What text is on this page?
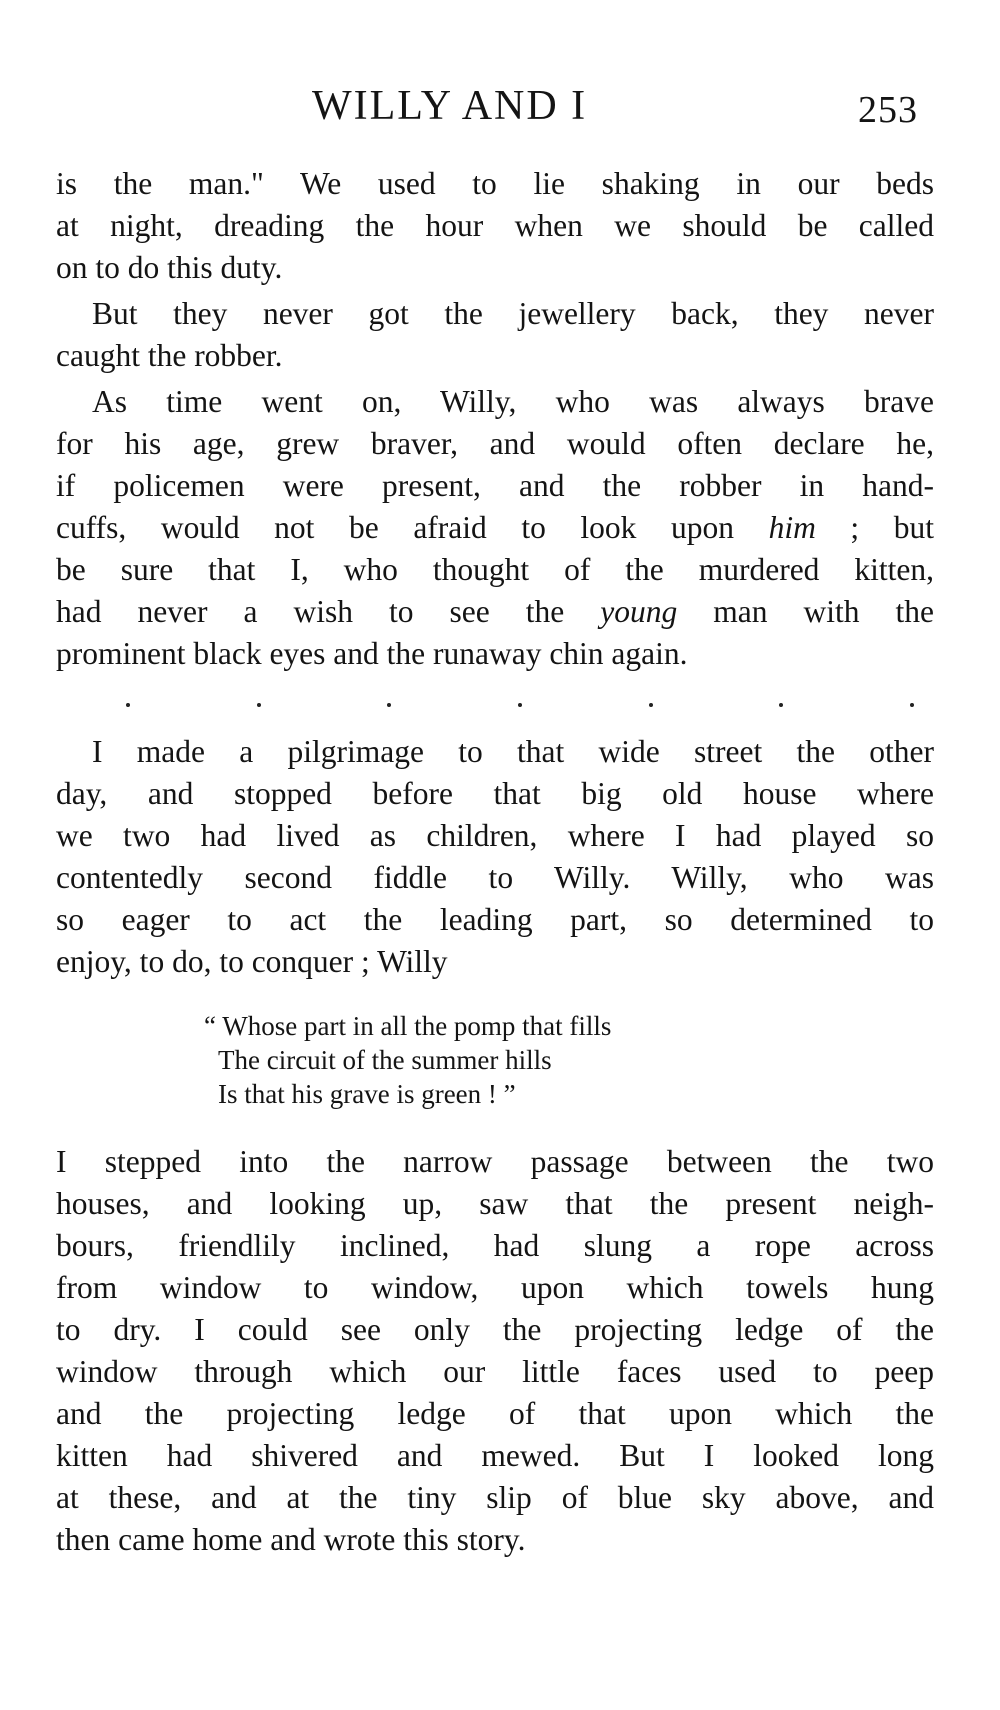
WILLY AND I	253
is the man." We used to lie shaking in our beds
at night, dreading the hour when we should be called
on to do this duty.
But they never got the jewellery back, they never
caught the robber.
As time went on, Willy, who was always brave
for his age, grew braver, and would often declare he,
if policemen were present, and the robber in hand-
cuffs, would not be afraid to look upon him ; but
be sure that I, who thought of the murdered kitten,
had never a wish to see the young man with the
prominent black eyes and the runaway chin again.
I made a pilgrimage to that wide street the other
day, and stopped before that big old house where
we two had lived as children, where I had played so
contentedly second fiddle to Willy. Willy, who was
so eager to act the leading part, so determined to
enjoy, to do, to conquer ; Willy
“ Whose part in all the pomp that fills
The circuit of the summer hills
Is that his grave is green ! ”
I stepped into the narrow passage between the two
houses, and looking up, saw that the present neigh-
bours, friendlily inclined, had slung a rope across
from window to window, upon which towels hung
to dry. I could see only the projecting ledge of the
window through which our little faces used to peep
and the projecting ledge of that upon which the
kitten had shivered and mewed. But I looked long
at these, and at the tiny slip of blue sky above, and
then came home and wrote this story.
